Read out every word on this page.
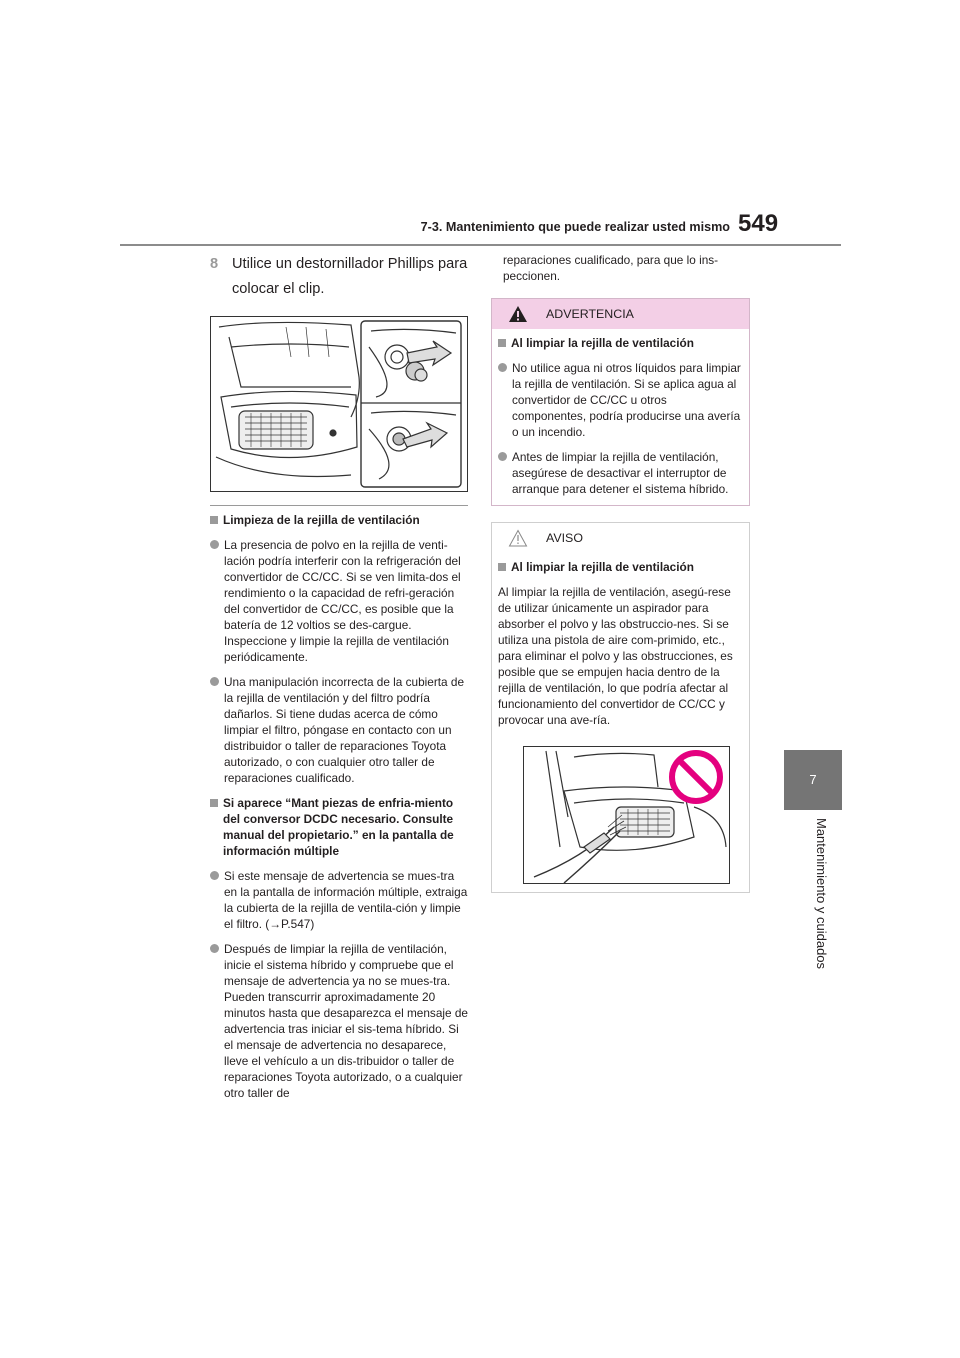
7-3. Mantenimiento que puede realizar usted mismo 549
7
Mantenimiento y cuidados
8 Utilice un destornillador Phillips para colocar el clip.
Limpieza de la rejilla de ventilación
La presencia de polvo en la rejilla de venti-lación podría interferir con la refrigeración del convertidor de CC/CC. Si se ven limita-dos el rendimiento o la capacidad de refri-geración del convertidor de CC/CC, es posible que la batería de 12 voltios se des-cargue. Inspeccione y limpie la rejilla de ventilación periódicamente.
Una manipulación incorrecta de la cubierta de la rejilla de ventilación y del filtro podría dañarlos. Si tiene dudas acerca de cómo limpiar el filtro, póngase en contacto con un distribuidor o taller de reparaciones Toyota autorizado, o con cualquier otro taller de reparaciones cualificado.
Si aparece “Mant piezas de enfria-miento del conversor DCDC necesario. Consulte manual del propietario.” en la pantalla de información múltiple
Si este mensaje de advertencia se mues-tra en la pantalla de información múltiple, extraiga la cubierta de la rejilla de ventila-ción y limpie el filtro. (→P.547)
Después de limpiar la rejilla de ventilación, inicie el sistema híbrido y compruebe que el mensaje de advertencia ya no se mues-tra.
Pueden transcurrir aproximadamente 20 minutos hasta que desaparezca el mensaje de advertencia tras iniciar el sis-tema híbrido. Si el mensaje de advertencia no desaparece, lleve el vehículo a un dis-tribuidor o taller de reparaciones Toyota autorizado, o a cualquier otro taller de
reparaciones cualificado, para que lo ins-peccionen.
ADVERTENCIA
Al limpiar la rejilla de ventilación
No utilice agua ni otros líquidos para limpiar la rejilla de ventilación. Si se aplica agua al convertidor de CC/CC u otros componentes, podría producirse una avería o un incendio.
Antes de limpiar la rejilla de ventilación, asegúrese de desactivar el interruptor de arranque para detener el sistema híbrido.
AVISO
Al limpiar la rejilla de ventilación
Al limpiar la rejilla de ventilación, asegú-rese de utilizar únicamente un aspirador para absorber el polvo y las obstruccio-nes. Si se utiliza una pistola de aire com-primido, etc., para eliminar el polvo y las obstrucciones, es posible que se empujen hacia dentro de la rejilla de ventilación, lo que podría afectar al funcionamiento del convertidor de CC/CC y provocar una ave-ría.
